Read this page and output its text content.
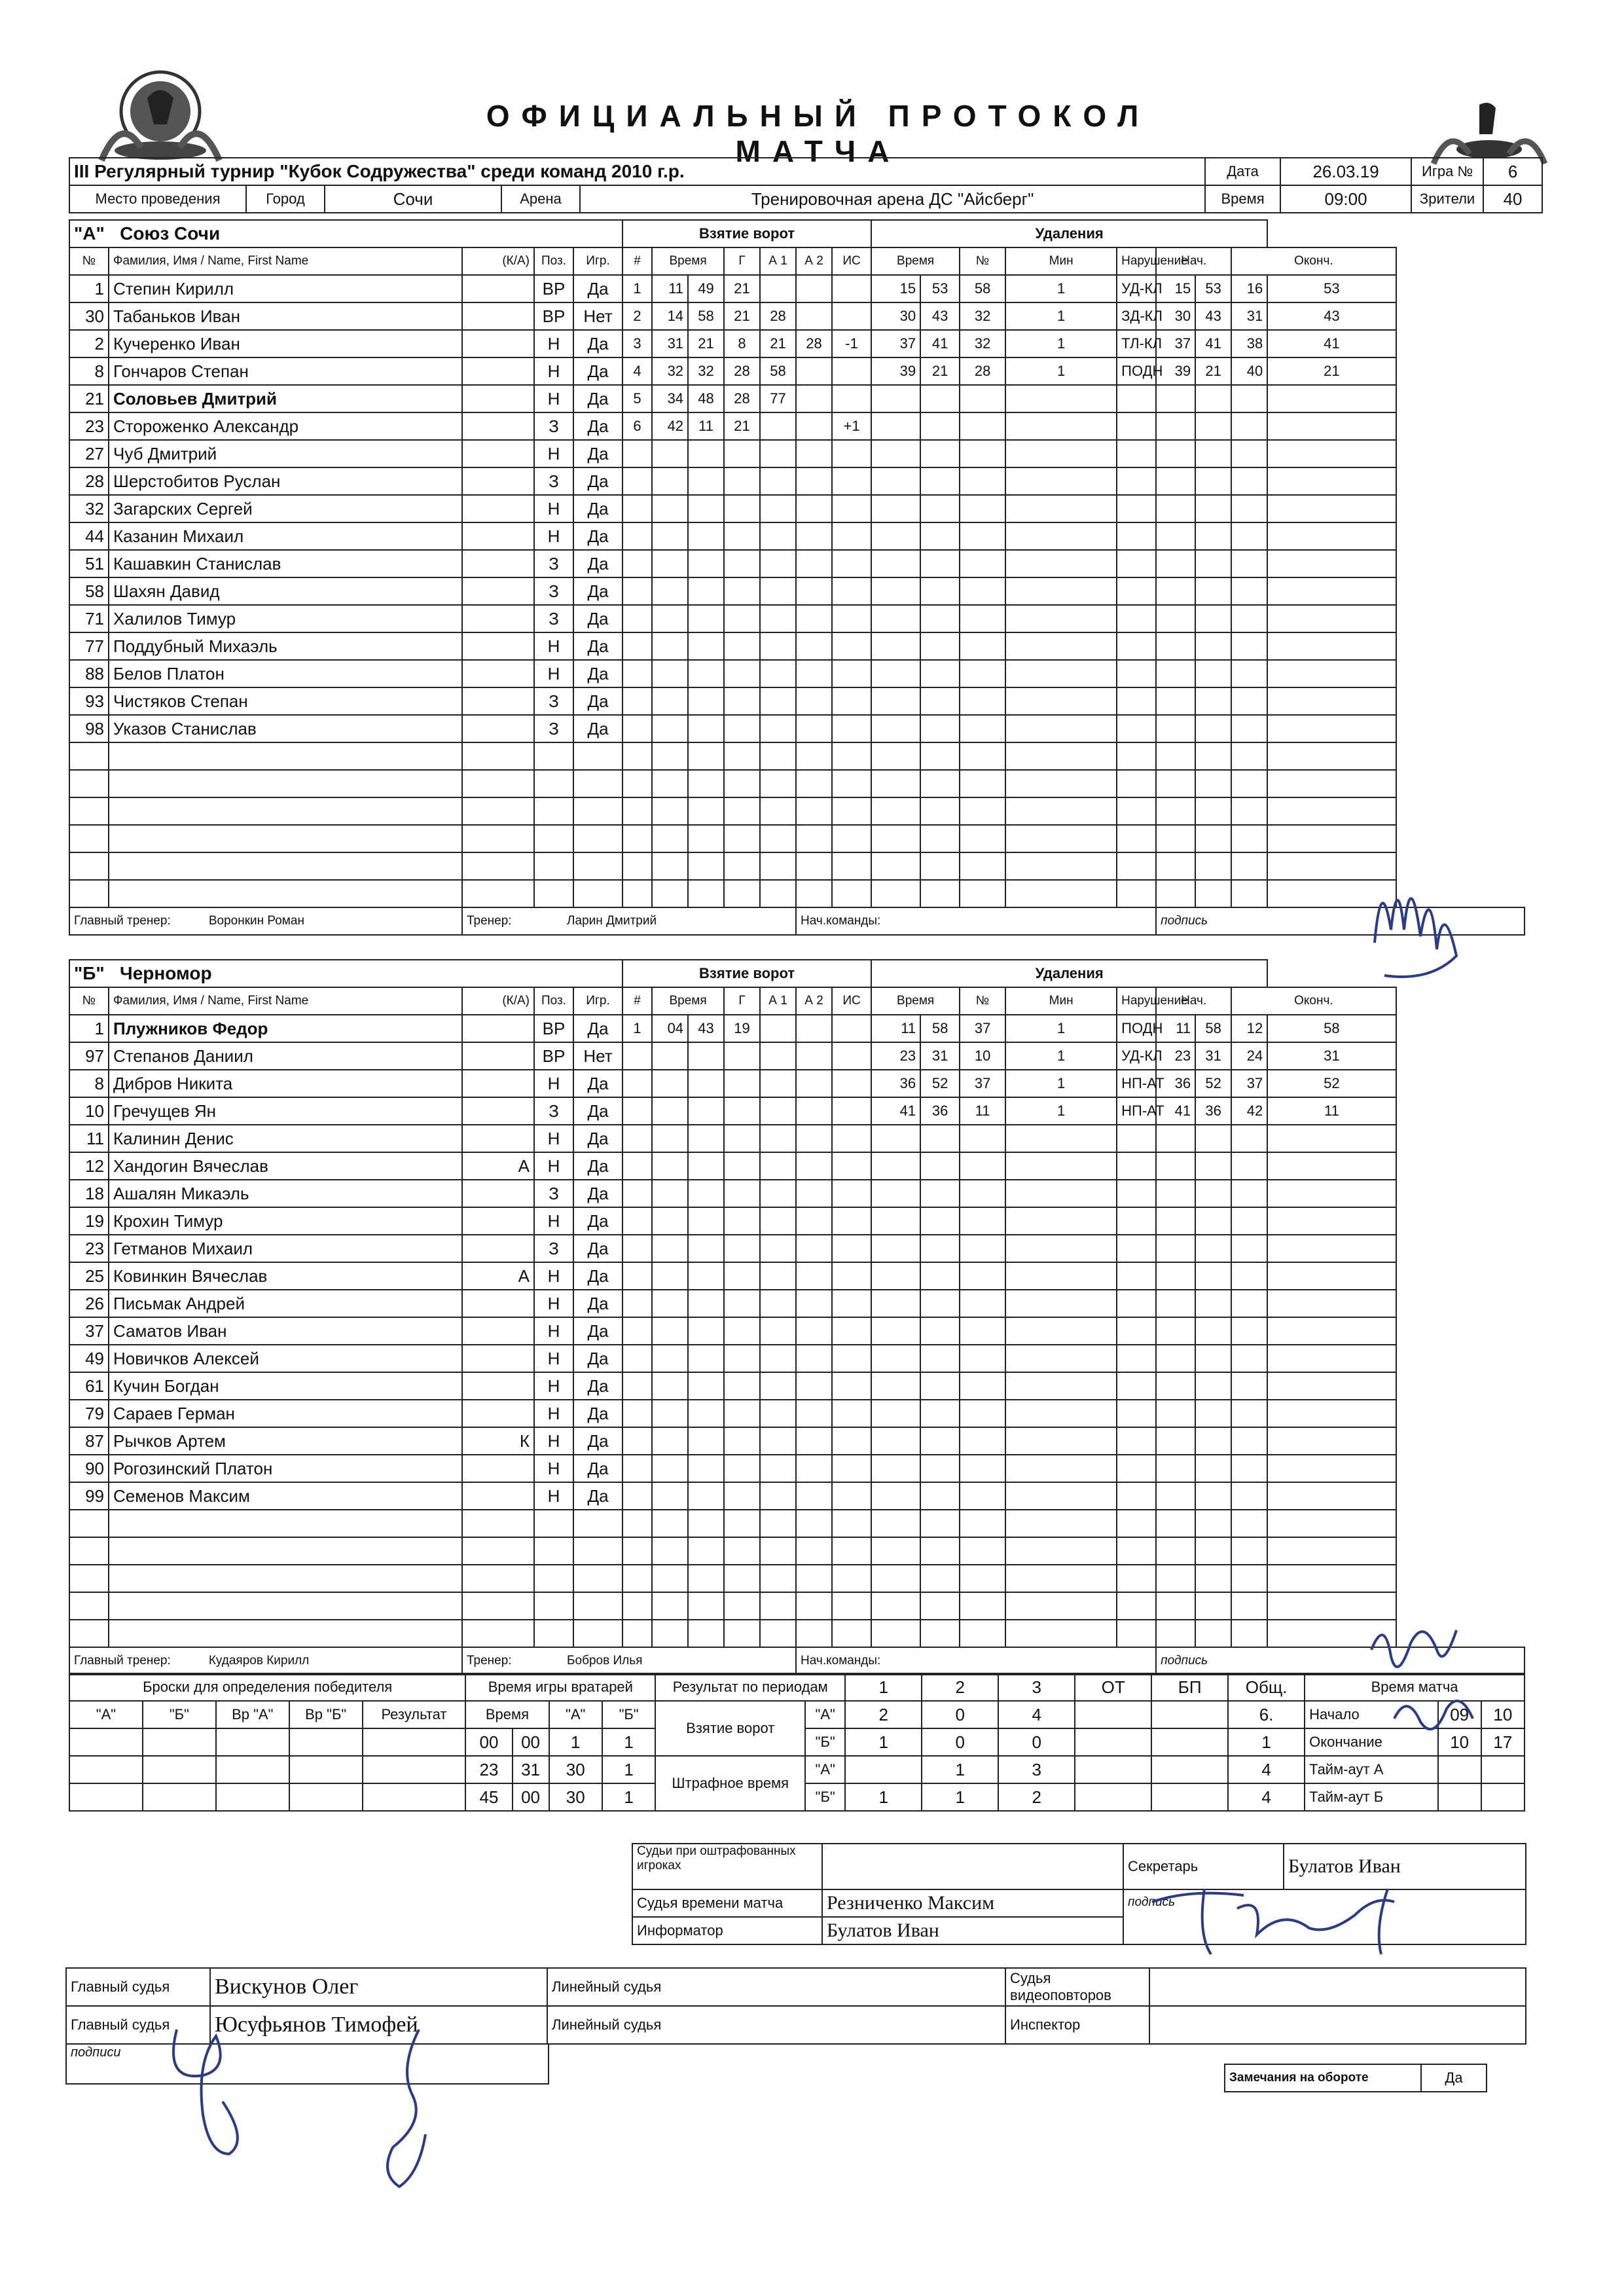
ОФИЦИАЛЬНЫЙ ПРОТОКОЛ МАТЧА
III Регулярный турнир "Кубок Содружества" среди команд 2010 г.р.					Дата	26.03.19	Игра №	6
Место проведения	Город	Сочи	Арена	Тренировочная арена ДС "Айсберг"	Время	09:00	Зрители	40
"А" Союз Сочи					Взятие ворот							Удаления								
№	Фамилия, Имя / Name, First Name	(К/А)	Поз.	Игр.	#	Время		Г	А 1	А 2	ИС	Время		№	Мин	Нарушение	Нач.		Оконч.	
1	Степин Кирилл		ВР	Да	1	11	49	21				15	53	58	1	УД-КЛ	15	53	16	53
30	Табаньков Иван		ВР	Нет	2	14	58	21	28			30	43	32	1	ЗД-КЛ	30	43	31	43
2	Кучеренко Иван		Н	Да	3	31	21	8	21	28	-1	37	41	32	1	ТЛ-КЛ	37	41	38	41
8	Гончаров Степан		Н	Да	4	32	32	28	58			39	21	28	1	ПОДН	39	21	40	21
21	Соловьев Дмитрий		Н	Да	5	34	48	28	77											
23	Стороженко Александр		З	Да	6	42	11	21			+1									
27	Чуб Дмитрий		Н	Да																
28	Шерстобитов Руслан		З	Да																
32	Загарских Сергей		Н	Да																
44	Казанин Михаил		Н	Да																
51	Кашавкин Станислав		З	Да																
58	Шахян Давид		З	Да																
71	Халилов Тимур		З	Да																
77	Поддубный Михаэль		Н	Да																
88	Белов Платон		Н	Да																
93	Чистяков Степан		З	Да																
98	Указов Станислав		З	Да																

Главный тренер: Воронкин Роман		Тренер: Ларин Дмитрий								Нач.команды:							подпись			
"Б" Черномор					Взятие ворот							Удаления								
№	Фамилия, Имя / Name, First Name	(К/А)	Поз.	Игр.	#	Время		Г	А 1	А 2	ИС	Время		№	Мин	Нарушение	Нач.		Оконч.	
1	Плужников Федор		ВР	Да	1	04	43	19				11	58	37	1	ПОДН	11	58	12	58
97	Степанов Даниил		ВР	Нет								23	31	10	1	УД-КЛ	23	31	24	31
8	Дибров Никита		Н	Да								36	52	37	1	НП-АТ	36	52	37	52
10	Гречущев Ян		З	Да								41	36	11	1	НП-АТ	41	36	42	11
11	Калинин Денис		Н	Да																
12	Хандогин Вячеслав	А	Н	Да																
18	Ашалян Микаэль		З	Да																
19	Крохин Тимур		Н	Да																
23	Гетманов Михаил		З	Да																
25	Ковинкин Вячеслав	А	Н	Да																
26	Письмак Андрей		Н	Да																
37	Саматов Иван		Н	Да																
49	Новичков Алексей		Н	Да																
61	Кучин Богдан		Н	Да																
79	Сараев Герман		Н	Да																
87	Рычков Артем	К	Н	Да																
90	Рогозинский Платон		Н	Да																
99	Семенов Максим		Н	Да																

Главный тренер: Кудаяров Кирилл		Тренер: Бобров Илья								Нач.команды:							подпись			
Броски для определения победителя					Время игры вратарей				Результат по периодам		1	2	3	ОТ	БП	Общ.	Время матча		
"А"	"Б"	Вр "А"	Вр "Б"	Результат	Время		"А"	"Б"	Взятие ворот	"А"	2	0	4			6.	Начало	09	10
					00	00	1	1		"Б"	1	0	0			1	Окончание	10	17
					23	31	30	1	Штрафное время	"А"		1	3			4	Тайм-аут А		
					45	00	30	1		"Б"	1	1	2			4	Тайм-аут Б		
Судьи при оштрафованных игроках		Секретарь	Булатов Иван
		подпись	
Судья времени матча	Резниченко Максим		
Информатор	Булатов Иван		
Главный судья	Вискунов Олег	Линейный судья	Судья видеоповторов	
Главный судья	Юсуфьянов Тимофей	Линейный судья	Инспектор	
подписи
Замечания на обороте	Да
